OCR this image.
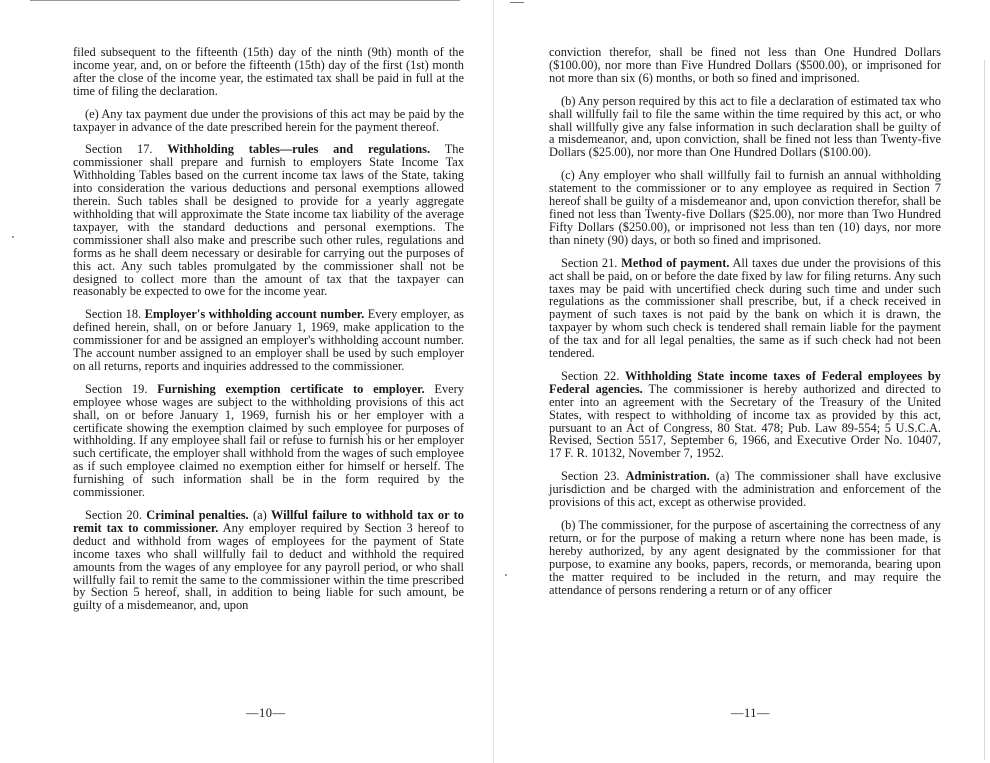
filed subsequent to the fifteenth (15th) day of the ninth (9th) month of the income year, and, on or before the fifteenth (15th) day of the first (1st) month after the close of the income year, the estimated tax shall be paid in full at the time of filing the declaration.

(e) Any tax payment due under the provisions of this act may be paid by the taxpayer in advance of the date prescribed herein for the payment thereof.

Section 17. Withholding tables—rules and regulations. The commissioner shall prepare and furnish to employers State Income Tax Withholding Tables based on the current income tax laws of the State, taking into consideration the various deductions and personal exemptions allowed therein. Such tables shall be designed to provide for a yearly aggregate withholding that will approximate the State income tax liability of the average taxpayer, with the standard deductions and personal exemptions. The commissioner shall also make and prescribe such other rules, regulations and forms as he shall deem necessary or desirable for carrying out the purposes of this act. Any such tables promulgated by the commissioner shall not be designed to collect more than the amount of tax that the taxpayer can reasonably be expected to owe for the income year.

Section 18. Employer's withholding account number. Every employer, as defined herein, shall, on or before January 1, 1969, make application to the commissioner for and be assigned an employer's withholding account number. The account number assigned to an employer shall be used by such employer on all returns, reports and inquiries addressed to the commissioner.

Section 19. Furnishing exemption certificate to employer. Every employee whose wages are subject to the withholding provisions of this act shall, on or before January 1, 1969, furnish his or her employer with a certificate showing the exemption claimed by such employee for purposes of withholding. If any employee shall fail or refuse to furnish his or her employer such certificate, the employer shall withhold from the wages of such employee as if such employee claimed no exemption either for himself or herself. The furnishing of such information shall be in the form required by the commissioner.

Section 20. Criminal penalties. (a) Willful failure to withhold tax or to remit tax to commissioner. Any employer required by Section 3 hereof to deduct and withhold from wages of employees for the payment of State income taxes who shall willfully fail to deduct and withhold the required amounts from the wages of any employee for any payroll period, or who shall willfully fail to remit the same to the commissioner within the time prescribed by Section 5 hereof, shall, in addition to being liable for such amount, be guilty of a misdemeanor, and, upon

—10—

conviction therefor, shall be fined not less than One Hundred Dollars ($100.00), nor more than Five Hundred Dollars ($500.00), or imprisoned for not more than six (6) months, or both so fined and imprisoned.

(b) Any person required by this act to file a declaration of estimated tax who shall willfully fail to file the same within the time required by this act, or who shall willfully give any false information in such declaration shall be guilty of a misdemeanor, and, upon conviction, shall be fined not less than Twenty-five Dollars ($25.00), nor more than One Hundred Dollars ($100.00).

(c) Any employer who shall willfully fail to furnish an annual withholding statement to the commissioner or to any employee as required in Section 7 hereof shall be guilty of a misdemeanor and, upon conviction therefor, shall be fined not less than Twenty-five Dollars ($25.00), nor more than Two Hundred Fifty Dollars ($250.00), or imprisoned not less than ten (10) days, nor more than ninety (90) days, or both so fined and imprisoned.

Section 21. Method of payment. All taxes due under the provisions of this act shall be paid, on or before the date fixed by law for filing returns. Any such taxes may be paid with uncertified check during such time and under such regulations as the commissioner shall prescribe, but, if a check received in payment of such taxes is not paid by the bank on which it is drawn, the taxpayer by whom such check is tendered shall remain liable for the payment of the tax and for all legal penalties, the same as if such check had not been tendered.

Section 22. Withholding State income taxes of Federal employees by Federal agencies. The commissioner is hereby authorized and directed to enter into an agreement with the Secretary of the Treasury of the United States, with respect to withholding of income tax as provided by this act, pursuant to an Act of Congress, 80 Stat. 478; Pub. Law 89-554; 5 U.S.C.A. Revised, Section 5517, September 6, 1966, and Executive Order No. 10407, 17 F. R. 10132, November 7, 1952.

Section 23. Administration. (a) The commissioner shall have exclusive jurisdiction and be charged with the administration and enforcement of the provisions of this act, except as otherwise provided.

(b) The commissioner, for the purpose of ascertaining the correctness of any return, or for the purpose of making a return where none has been made, is hereby authorized, by any agent designated by the commissioner for that purpose, to examine any books, papers, records, or memoranda, bearing upon the matter required to be included in the return, and may require the attendance of persons rendering a return or of any officer

—11—
